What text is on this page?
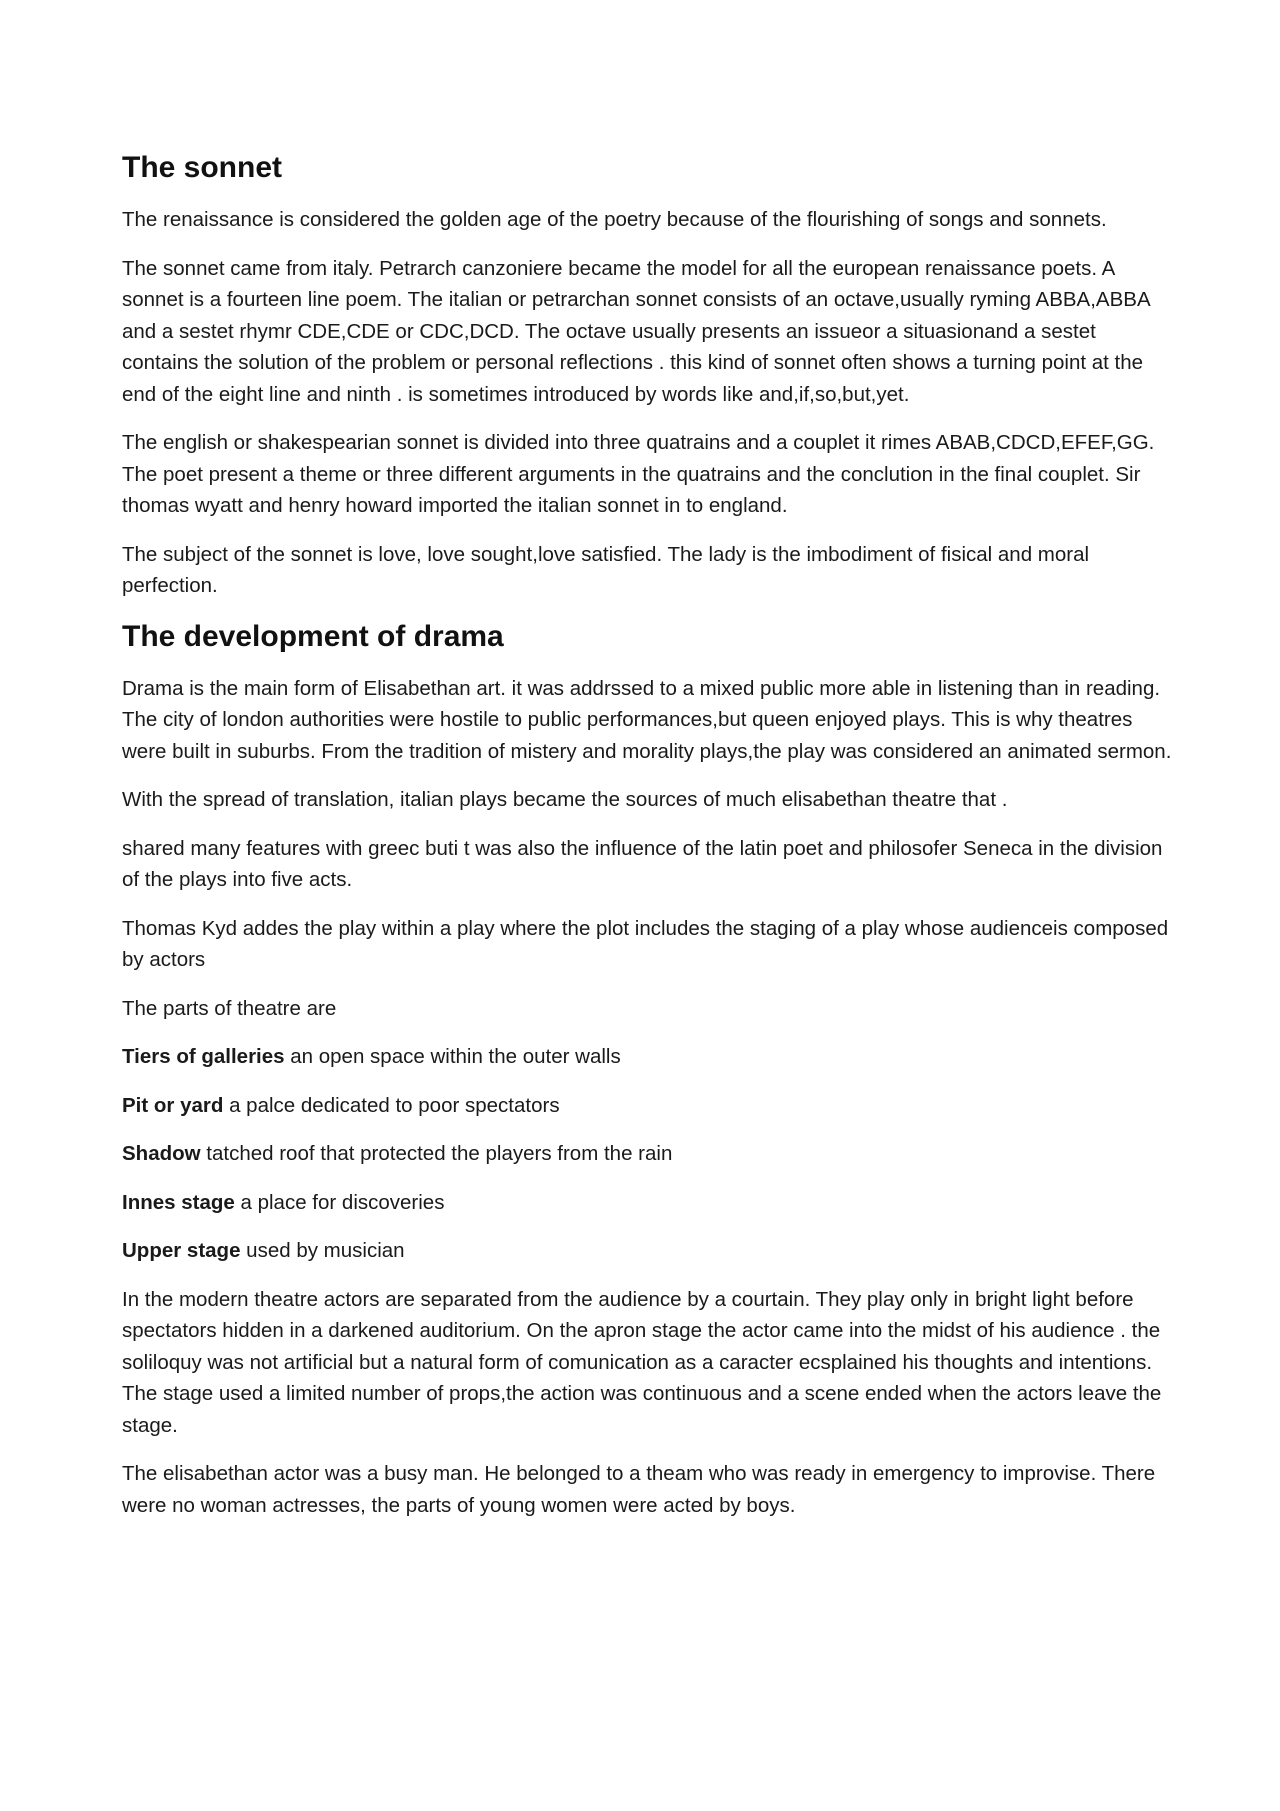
The sonnet

The renaissance is considered the golden age of the poetry because of the flourishing of songs and sonnets.

The sonnet came from italy. Petrarch canzoniere became the model for all the european renaissance poets. A sonnet is a fourteen line poem. The italian or petrarchan sonnet consists of an octave,usually ryming ABBA,ABBA and a sestet rhymr CDE,CDE or CDC,DCD. The octave usually presents an issueor a situasionand a sestet contains the solution of the problem or personal reflections . this kind of sonnet often shows a turning point at the end of the eight line and ninth . is sometimes introduced by words like and,if,so,but,yet.

The english or shakespearian sonnet is divided into three quatrains and a couplet it rimes ABAB,CDCD,EFEF,GG. The poet present a theme or three different arguments in the quatrains and the conclution in the final couplet. Sir thomas wyatt and henry howard imported the italian sonnet in to england.

The subject of the sonnet is love, love sought,love satisfied. The lady is the imbodiment of fisical and moral perfection.

The development of drama

Drama is the main form of Elisabethan art. it was addrssed to a mixed public more able in listening than in reading. The city of london authorities were hostile to public performances,but queen enjoyed plays. This is why theatres were built in suburbs. From the tradition of mistery and morality plays,the play was considered an animated sermon.

With the spread of translation, italian plays became the sources of much elisabethan theatre that .

shared many features with greec buti t was also the influence of the latin poet and philosofer Seneca in the division of the plays into five acts.

Thomas Kyd addes the play within a play where the plot includes the staging of a play whose audienceis composed by actors

The parts of theatre are

Tiers of galleries an open space within the outer walls

Pit or yard a palce dedicated to poor spectators

Shadow tatched roof that protected the players from the rain

Innes stage a place for discoveries

Upper stage used by musician

In the modern theatre actors are separated from the audience by a courtain. They play only in bright light before spectators hidden in a darkened auditorium. On the apron stage the actor came into the midst of his audience . the soliloquy was not artificial but a natural form of comunication as a caracter ecsplained his thoughts and intentions. The stage used a limited number of props,the action was continuous and a scene ended when the actors leave the stage.

The elisabethan actor was a busy man. He belonged to a theam who was ready in emergency to improvise. There were no woman actresses, the parts of young women were acted by boys.
